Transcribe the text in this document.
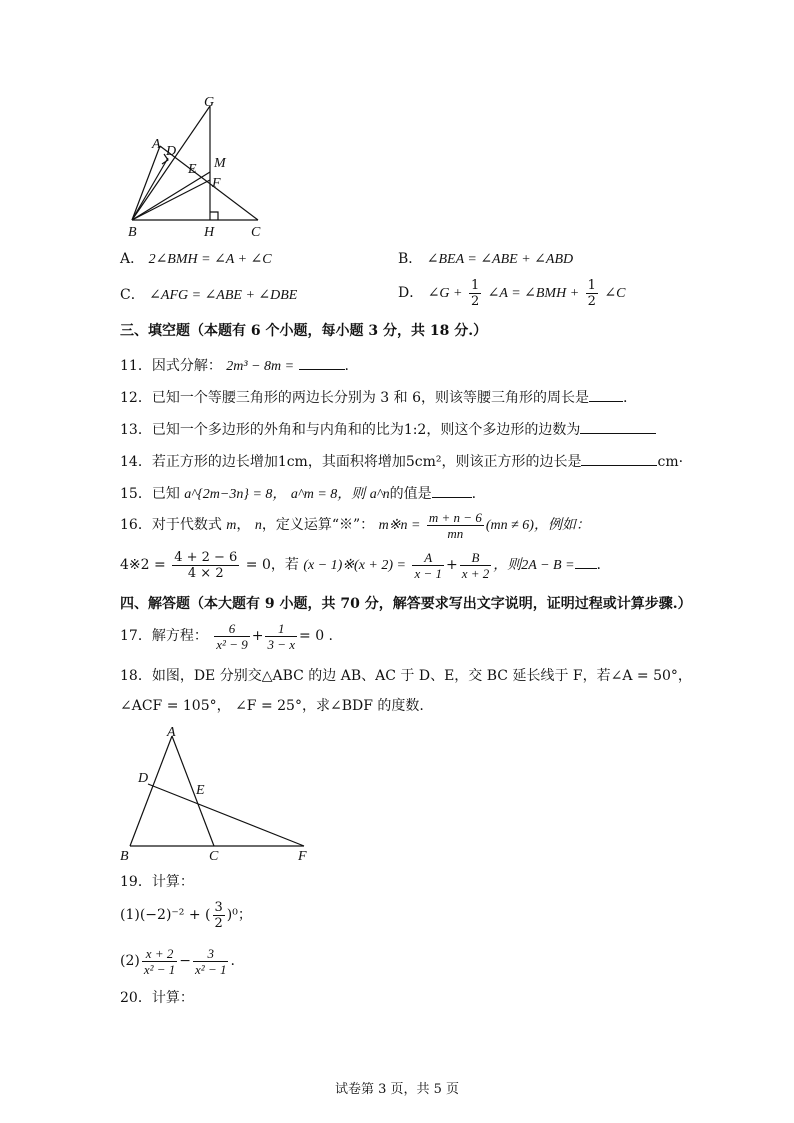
G
A D
E M
F
B	H	C
A． 2∠BMH = ∠A + ∠C	B． ∠BEA = ∠ABE + ∠ABD
C． ∠AFG = ∠ABE + ∠DBE	D． ∠G + $\frac{1}{2}$ ∠A = ∠BMH + $\frac{1}{2}$ ∠C
三、填空题（本题有 6 个小题，每小题 3 分，共 18 分.）
11．因式分解： 2m³ − 8m =	.
12．已知一个等腰三角形的两边长分别为 3 和 6，则该等腰三角形的周长是 .
13．已知一个多边形的外角和与内角和的比为1:2，则这个多边形的边数为
14．若正方形的边长增加1cm，其面积将增加5cm²，则该正方形的边长是	cm·
15．已知 a^{2m−3n} = 8， a^m = 8，则 a^n的值是	.
16．对于代数式 m， n，定义运算“※”： m※n = $\frac{m + n - 6}{mn} (mn \ne 6)$，例如：
4※2 = $\frac{4 + 2 - 6}{4 \times 2} = 0$，若 (x − 1)※(x + $2) = \frac{A}{x - 1} + \frac{B}{x + 2}$ ，则2A − B = .
四、解答题（本大题有 9 小题，共 70 分，解答要求写出文字说明，证明过程或计算步骤.）
17．解方程： $\frac{6}{\text{x² − 9}} + \frac{1}{3 - x} = 0$ .
18．如图，DE 分别交△ABC 的边 AB、AC 于 D、E，交 BC 延长线于 F，若∠A = 50°，
∠ACF = 105°， ∠F = 25°，求∠BDF 的度数.
A
D
E
B	C	F
19．计算：
(1)(−2)⁻² + ( $\frac{3}{2} )^0$；
$(2) \frac{x + 2}{\text{x² − 1}} - \frac{3}{\text{x² − 1}}$ .
20．计算：
试卷第 3 页，共 5 页
